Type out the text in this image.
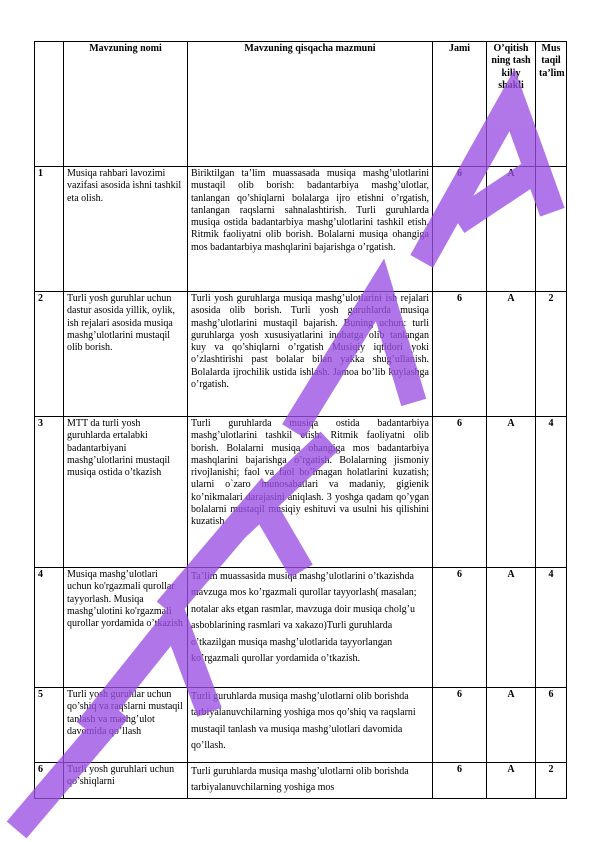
	Mavzuning nomi	Mavzuning qisqacha mazmuni	Jami	O’qitish ning tash kiliy shakli	Mus taqil ta’lim
1	Musiqa rahbari lavozimi vazifasi asosida ishni tashkil eta olish.	Biriktilgan ta’lim muassasada musiqa mashg’ulotlarini mustaqil olib borish: badantarbiya mashg’ulotlar, tanlangan qo’shiqlarni bolalarga ijro etishni o’rgatish, tanlangan raqslarni sahnalashtirish. Turli guruhlarda musiqa ostida badantarbiya mashg’ulotlarini tashkil etish. Ritmik faoliyatni olib borish. Bolalarni musiqa ohangiga mos badantarbiya mashqlarini bajarishga o’rgatish.	6	A	
2	Turli yosh guruhlar uchun dastur asosida yillik, oylik, ish rejalari asosida musiqa mashg’ulotlarini mustaqil olib borish.	Turli yosh guruhlarga musiqa mashg’ulotlarini ish rejalari asosida olib borish. Turli yosh guruhlarda musiqa mashg’ulotlarini mustaqil bajarish. Buning uchun: turli guruhlarga yosh xususiyatlarini inobatga olib tanlangan kuy va qo’shiqlarni o’rgatish Musiqiy iqtidori yoki o’zlashtirishi past bolalar bilan yakka shug’ullanish. Bolalarda ijrochilik ustida ishlash. Jamoa bo’lib kuylashga o’rgatish.	6	A	2
3	MTT da turli yosh guruhlarda ertalabki badantarbiyani mashg’ulotlarini mustaqil musiqa ostida o’tkazish	Turli guruhlarda musiqa ostida badantarbiya mashg’ulotlarini tashkil etish. Ritmik faoliyatni olib borish. Bolalarni musiqa ohangiga mos badantarbiya mashqlarini bajarishga o’rgatish. Bolalarning jismoniy rivojlanishi; faol va faol bo’lmagan holatlarini kuzatish; ularni o`zaro munosabatlari va madaniy, gigienik ko’nikmalari darajasini aniqlash. 3 yoshga qadam qo’ygan bolalarni mustaqil musiqiy eshituvi va usulni his qilishini kuzatish	6	A	4
4	Musiqa mashg’ulotlari uchun ko'rgazmali qurollar tayyorlash. Musiqa mashg’ulotini ko'rgazmali qurollar yordamida o’tkazish	Ta’lim muassasida musiqa mashg’ulotlarini o’tkazishda mavzuga mos ko’rgazmali qurollar tayyorlash( masalan; notalar aks etgan rasmlar, mavzuga doir musiqa cholg’u asboblarining rasmlari va xakazo)Turli guruhlarda o’tkazilgan musiqa mashg’ulotlarida tayyorlangan ko’rgazmali qurollar yordamida o’tkazish.	6	A	4
5	Turli yosh guruhlar uchun qo’shiq va raqslarni mustaqil tanlash va mashg’ulot davomida qo’llash	Turli guruhlarda musiqa mashg’ulotlarni olib borishda tarbiyalanuvchilarning yoshiga mos qo’shiq va raqslarni mustaqil tanlash va musiqa mashg’ulotlari davomida qo’llash.	6	A	6
6	Turli yosh guruhlari uchun qo’shiqlarni	Turli guruhlarda musiqa mashg’ulotlarni olib borishda tarbiyalanuvchilarning yoshiga mos	6	A	2
